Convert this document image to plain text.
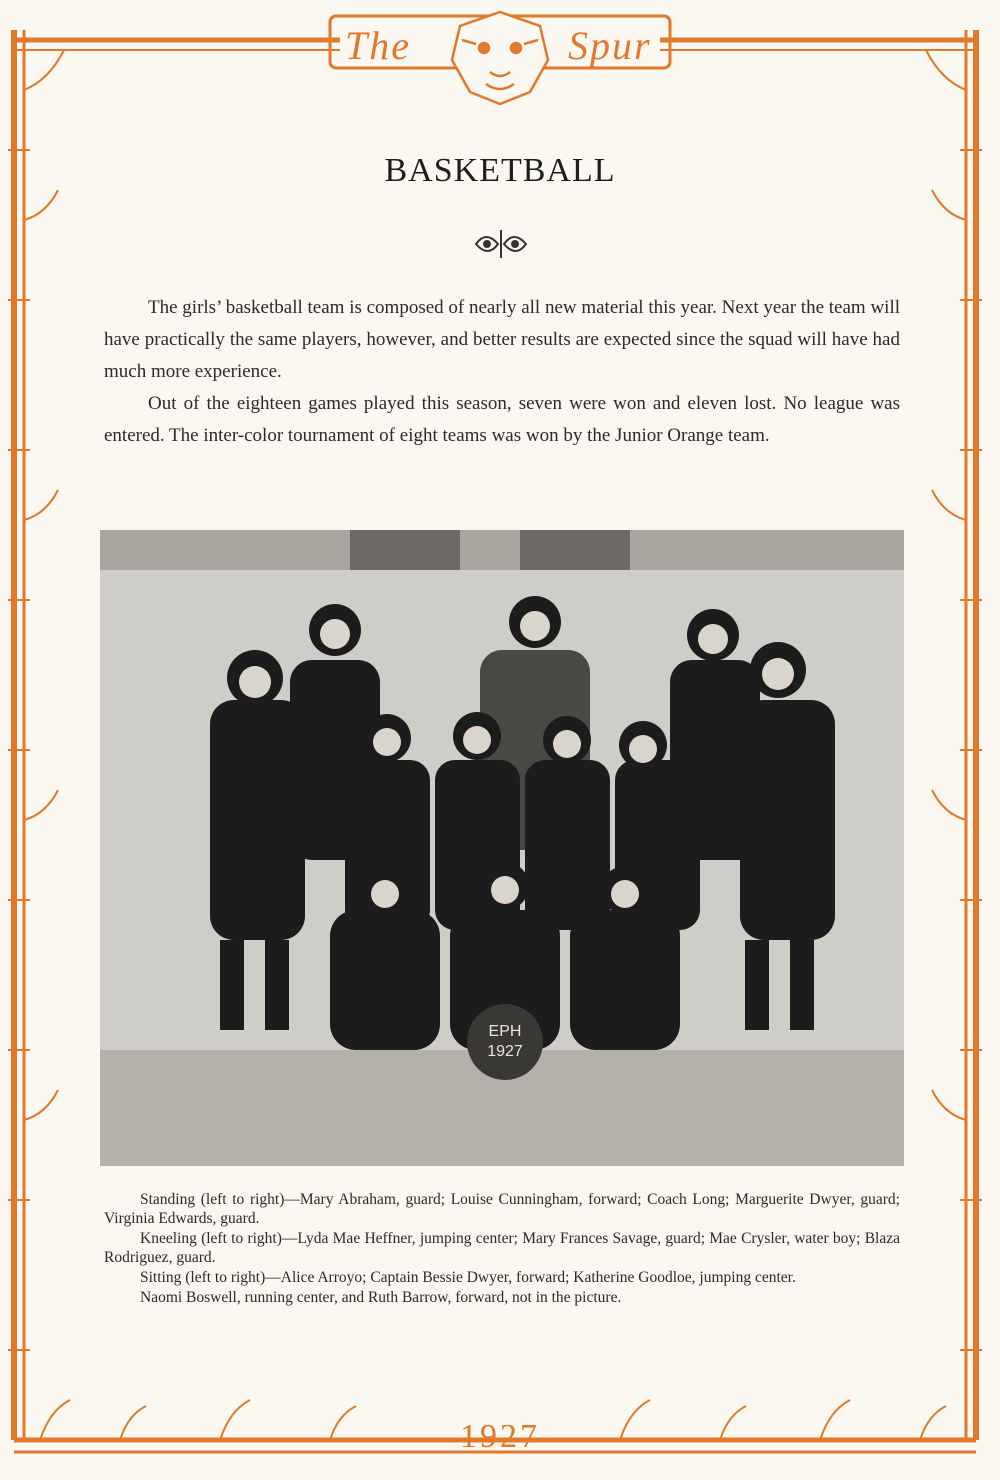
The	Spur
BASKETBALL

The girls’ basketball team is composed of nearly all new material this year. Next year the team will have practically the same players, however, and better results are expected since the squad will have had much more experience.

Out of the eighteen games played this season, seven were won and eleven lost. No league was entered. The inter-color tournament of eight teams was won by the Junior Orange team.

EPH
1927

Standing (left to right)—Mary Abraham, guard; Louise Cunningham, forward; Coach Long; Marguerite Dwyer, guard; Virginia Edwards, guard.

Kneeling (left to right)—Lyda Mae Heffner, jumping center; Mary Frances Savage, guard; Mae Crysler, water boy; Blaza Rodriguez, guard.

Sitting (left to right)—Alice Arroyo; Captain Bessie Dwyer, forward; Katherine Goodloe, jumping center.

Naomi Boswell, running center, and Ruth Barrow, forward, not in the picture.

1927
